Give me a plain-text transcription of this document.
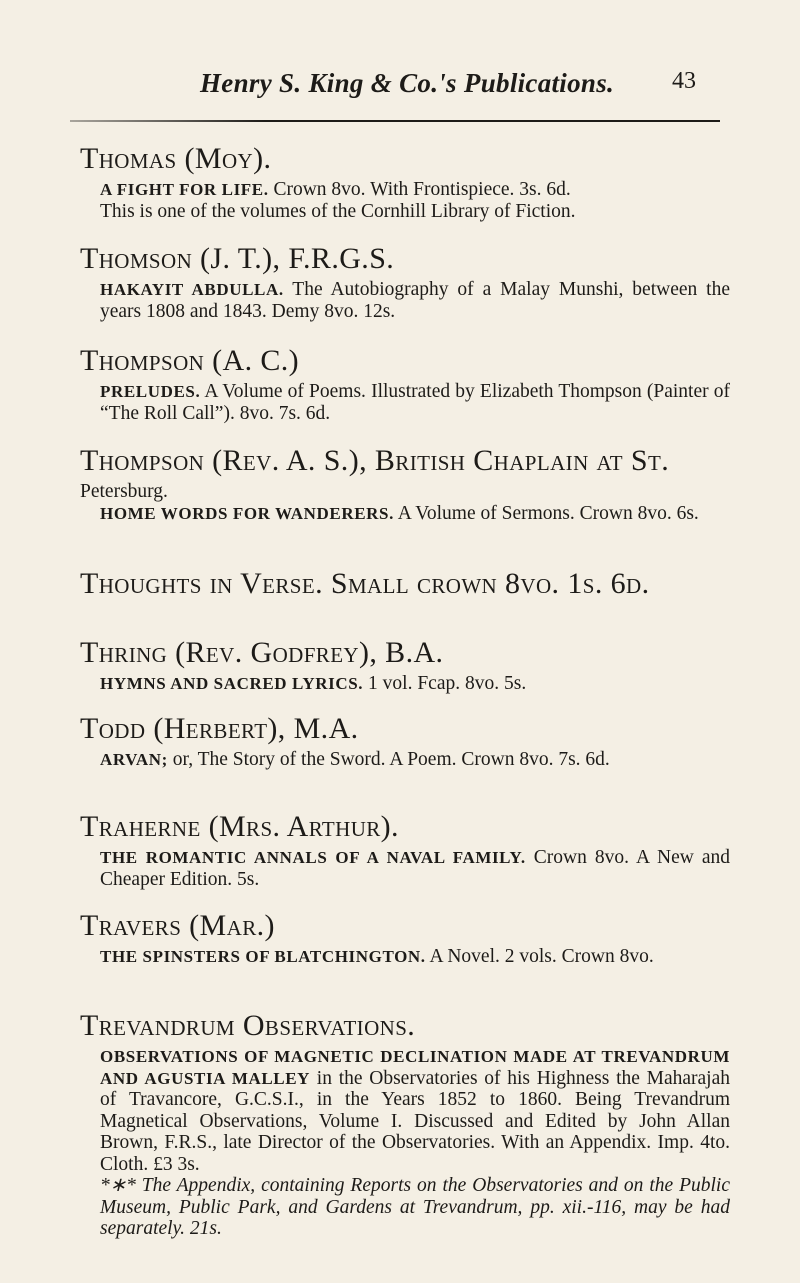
Henry S. King & Co.'s Publications. 43
Thomas (Moy).
A FIGHT FOR LIFE. Crown 8vo. With Frontispiece. 3s. 6d.
This is one of the volumes of the Cornhill Library of Fiction.
Thomson (J. T.), F.R.G.S.
HAKAYIT ABDULLA. The Autobiography of a Malay Munshi, between the years 1808 and 1843. Demy 8vo. 12s.
Thompson (A. C.)
PRELUDES. A Volume of Poems. Illustrated by Elizabeth Thompson (Painter of “The Roll Call”). 8vo. 7s. 6d.
Thompson (Rev. A. S.), British Chaplain at St.
Petersburg.
HOME WORDS FOR WANDERERS. A Volume of Sermons. Crown 8vo. 6s.
Thoughts in Verse. Small crown 8vo. 1s. 6d.
Thring (Rev. Godfrey), B.A.
HYMNS AND SACRED LYRICS. 1 vol. Fcap. 8vo. 5s.
Todd (Herbert), M.A.
ARVAN; or, The Story of the Sword. A Poem. Crown 8vo. 7s. 6d.
Traherne (Mrs. Arthur).
THE ROMANTIC ANNALS OF A NAVAL FAMILY. Crown 8vo. A New and Cheaper Edition. 5s.
Travers (Mar.)
THE SPINSTERS OF BLATCHINGTON. A Novel. 2 vols. Crown 8vo.
Trevandrum Observations.
OBSERVATIONS OF MAGNETIC DECLINATION MADE AT TREVANDRUM AND AGUSTIA MALLEY in the Observatories of his Highness the Maharajah of Travancore, G.C.S.I., in the Years 1852 to 1860. Being Trevandrum Magnetical Observations, Volume I. Discussed and Edited by John Allan Brown, F.R.S., late Director of the Observatories. With an Appendix. Imp. 4to. Cloth. £3 3s.
*∗* The Appendix, containing Reports on the Observatories and on the Public Museum, Public Park, and Gardens at Trevandrum, pp. xii.-116, may be had separately. 21s.
